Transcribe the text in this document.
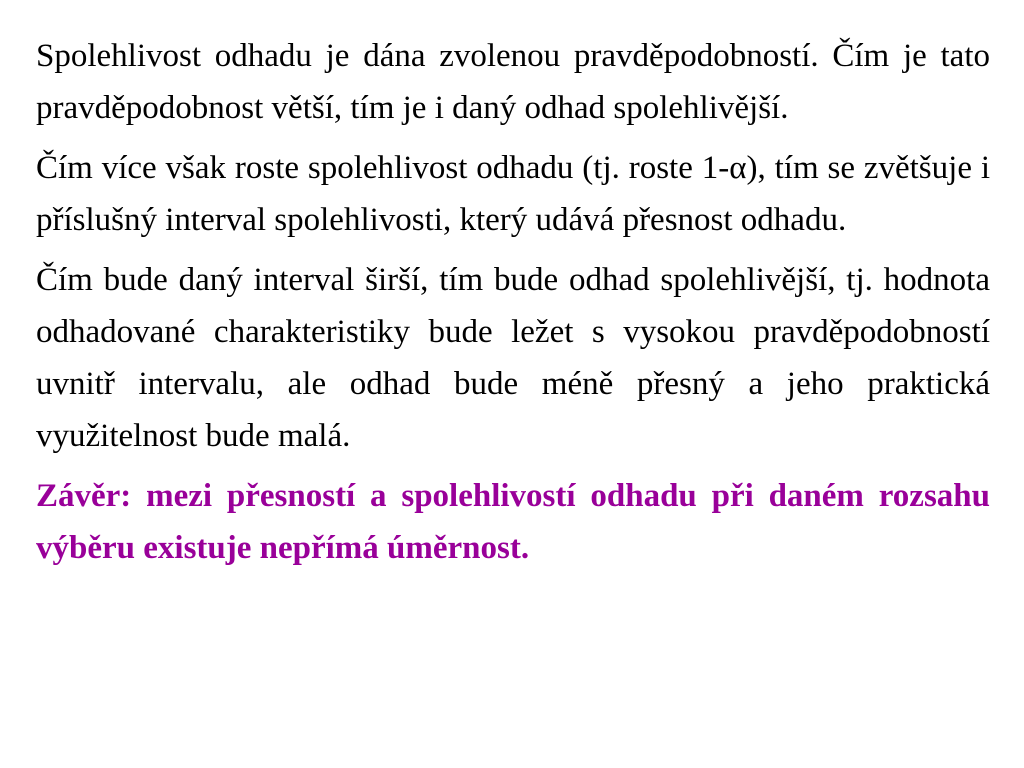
Spolehlivost odhadu je dána zvolenou pravděpodobností. Čím je tato pravděpodobnost větší, tím je i daný odhad spolehlivější.

Čím více však roste spolehlivost odhadu (tj. roste 1-α), tím se zvětšuje i příslušný interval spolehlivosti, který udává přesnost odhadu.

Čím bude daný interval širší, tím bude odhad spolehlivější, tj. hodnota odhadované charakteristiky bude ležet s vysokou pravděpodobností uvnitř intervalu, ale odhad bude méně přesný a jeho praktická využitelnost bude malá.

Závěr: mezi přesností a spolehlivostí odhadu při daném rozsahu výběru existuje nepřímá úměrnost.
